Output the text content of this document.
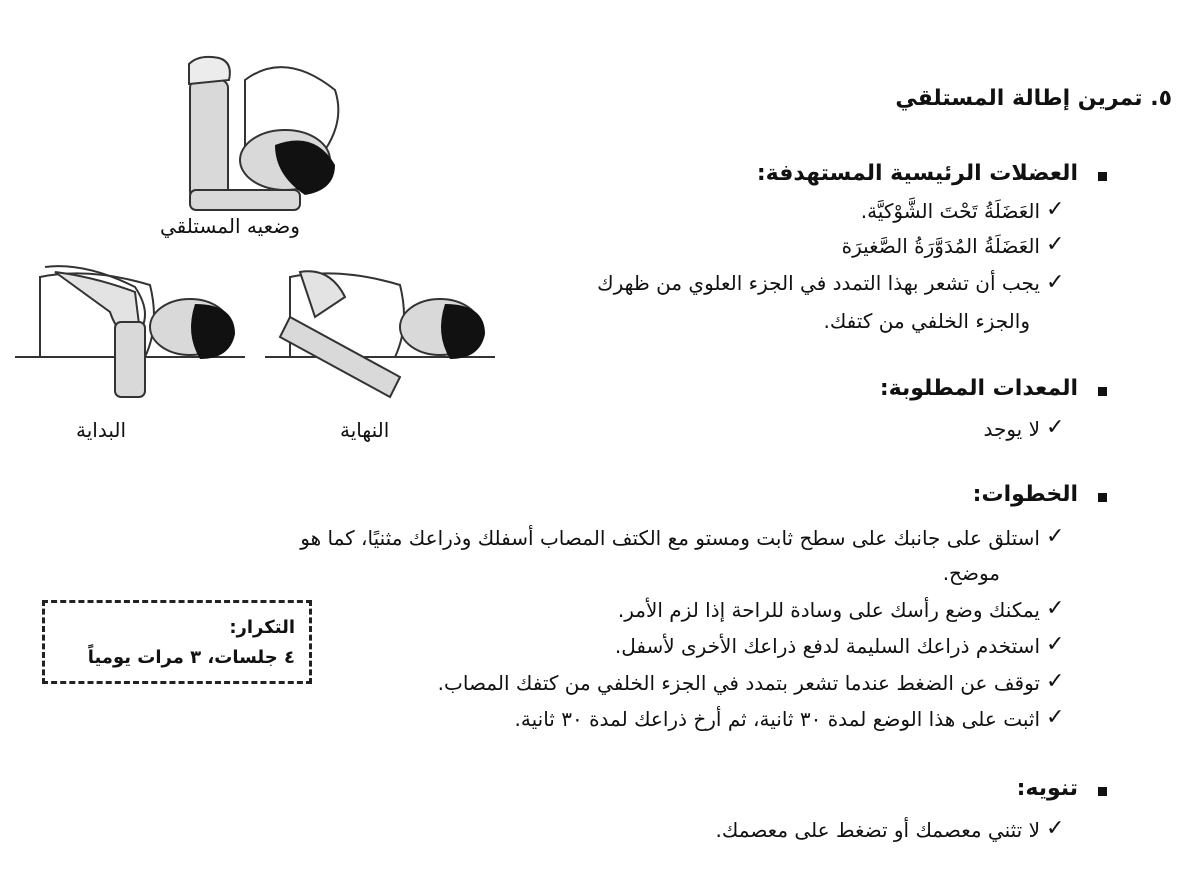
٥. تمرين إطالة المستلقي
وضعيه المستلقي
البداية	النهاية
العضلات الرئيسية المستهدفة:
✓
العَضَلَةُ تَحْتَ الشَّوْكيَّة.
✓
العَضَلَةُ المُدَوَّرَةُ الصَّغيرَة
✓
يجب أن تشعر بهذا التمدد في الجزء العلوي من ظهرك
والجزء الخلفي من كتفك.
المعدات المطلوبة:
✓
لا يوجد
الخطوات:
✓
استلق على جانبك على سطح ثابت ومستو مع الكتف المصاب أسفلك وذراعك مثنيًا، كما هو
موضح.
✓
يمكنك وضع رأسك على وسادة للراحة إذا لزم الأمر.
✓
استخدم ذراعك السليمة لدفع ذراعك الأخرى لأسفل.
✓
توقف عن الضغط عندما تشعر بتمدد في الجزء الخلفي من كتفك المصاب.
✓
اثبت على هذا الوضع لمدة ٣٠ ثانية، ثم أرخ ذراعك لمدة ٣٠ ثانية.
التكرار:
٤ جلسات، ٣ مرات يومياً
تنويه:
✓
لا تثني معصمك أو تضغط على معصمك.
